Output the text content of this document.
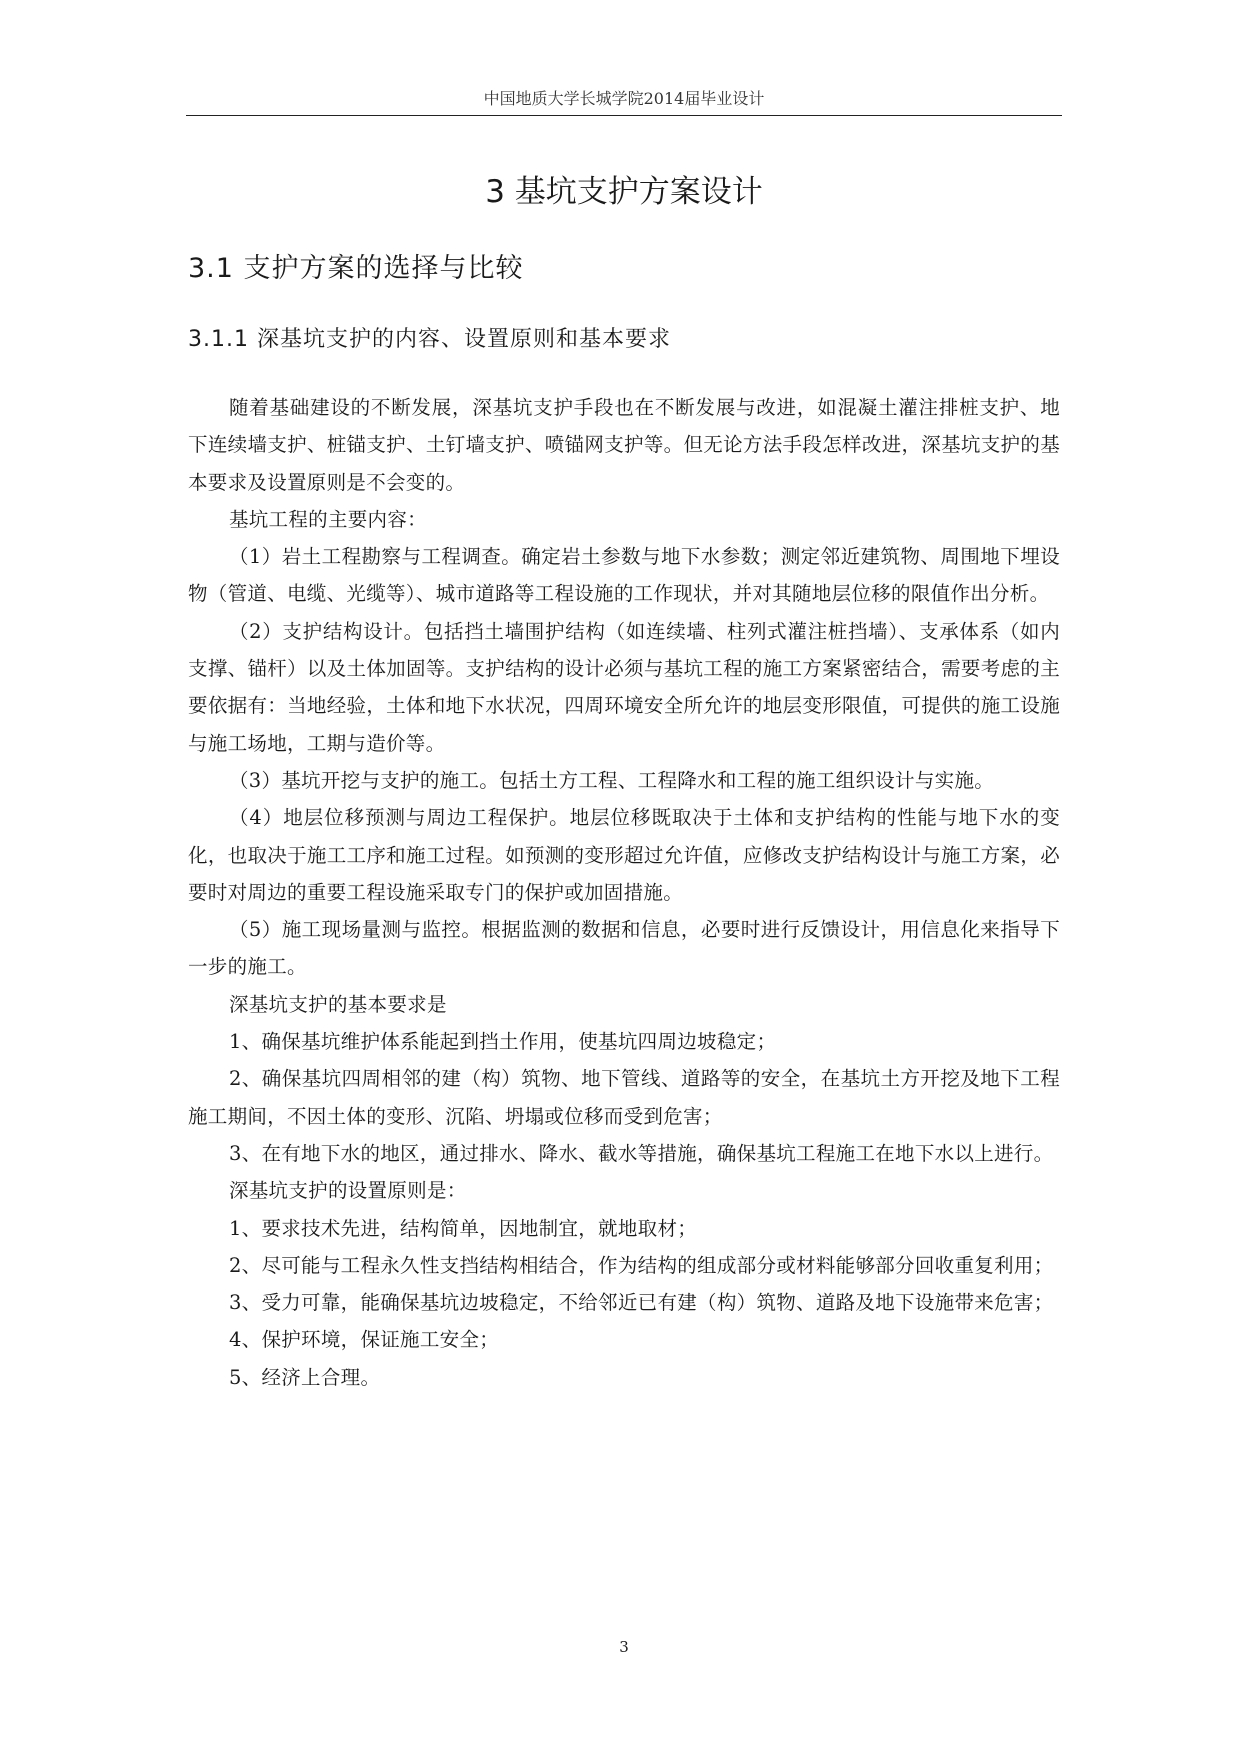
中国地质大学长城学院2014届毕业设计
3 基坑支护方案设计
3.1 支护方案的选择与比较
3.1.1 深基坑支护的内容、设置原则和基本要求

随着基础建设的不断发展，深基坑支护手段也在不断发展与改进，如混凝土灌注排桩支护、地下连续墙支护、桩锚支护、土钉墙支护、喷锚网支护等。但无论方法手段怎样改进，深基坑支护的基本要求及设置原则是不会变的。

基坑工程的主要内容：

（1）岩土工程勘察与工程调查。确定岩土参数与地下水参数；测定邻近建筑物、周围地下埋设物（管道、电缆、光缆等）、城市道路等工程设施的工作现状，并对其随地层位移的限值作出分析。

（2）支护结构设计。包括挡土墙围护结构（如连续墙、柱列式灌注桩挡墙）、支承体系（如内支撑、锚杆）以及土体加固等。支护结构的设计必须与基坑工程的施工方案紧密结合，需要考虑的主要依据有：当地经验，土体和地下水状况，四周环境安全所允许的地层变形限值，可提供的施工设施与施工场地，工期与造价等。

（3）基坑开挖与支护的施工。包括土方工程、工程降水和工程的施工组织设计与实施。

（4）地层位移预测与周边工程保护。地层位移既取决于土体和支护结构的性能与地下水的变化，也取决于施工工序和施工过程。如预测的变形超过允许值，应修改支护结构设计与施工方案，必要时对周边的重要工程设施采取专门的保护或加固措施。

（5）施工现场量测与监控。根据监测的数据和信息，必要时进行反馈设计，用信息化来指导下一步的施工。

深基坑支护的基本要求是

1、确保基坑维护体系能起到挡土作用，使基坑四周边坡稳定；

2、确保基坑四周相邻的建（构）筑物、地下管线、道路等的安全，在基坑土方开挖及地下工程施工期间，不因土体的变形、沉陷、坍塌或位移而受到危害；

3、在有地下水的地区，通过排水、降水、截水等措施，确保基坑工程施工在地下水以上进行。

深基坑支护的设置原则是：

1、要求技术先进，结构简单，因地制宜，就地取材；

2、尽可能与工程永久性支挡结构相结合，作为结构的组成部分或材料能够部分回收重复利用；

3、受力可靠，能确保基坑边坡稳定，不给邻近已有建（构）筑物、道路及地下设施带来危害；

4、保护环境，保证施工安全；

5、经济上合理。

3
